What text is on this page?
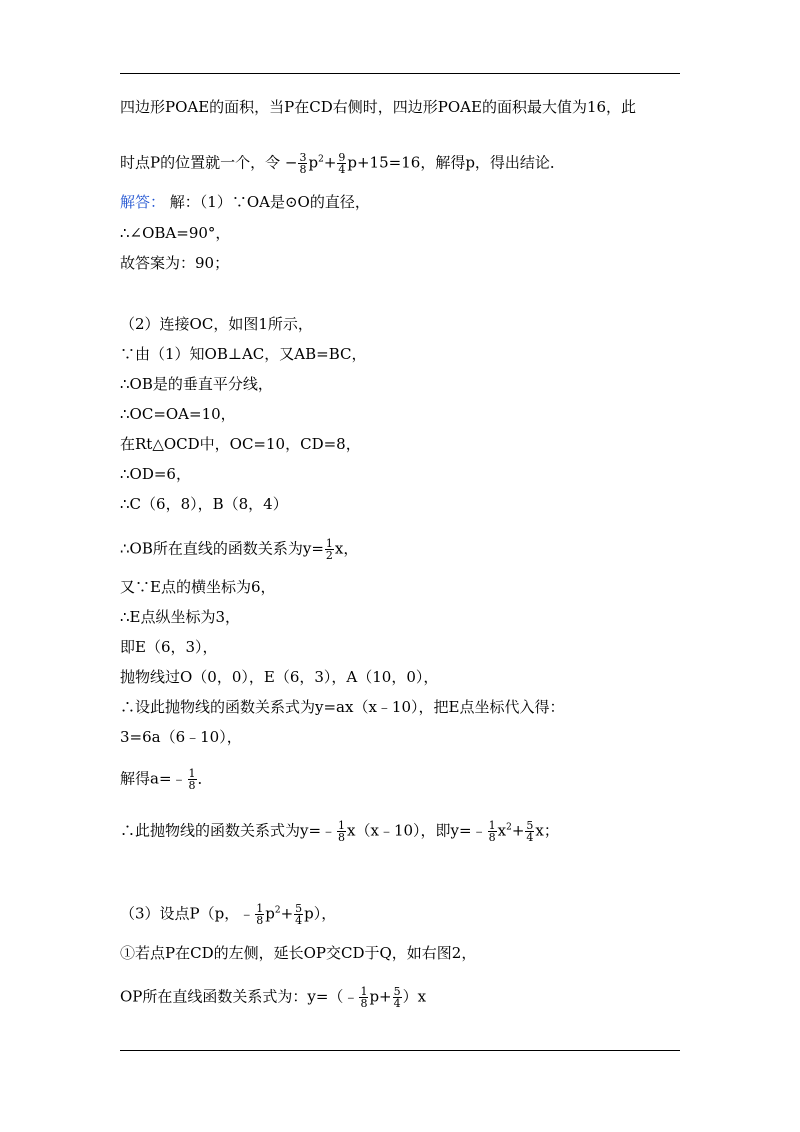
四边形POAE的面积，当P在CD右侧时，四边形POAE的面积最大值为16，此
时点P的位置就一个，令 − $\frac{3}{8} p^2+ \frac{9}{4} p+15=16$，解得p，得出结论．
解答： 解：（1）∵OA是⊙O的直径，
∴∠OBA=90°，
故答案为：90；
（2）连接OC，如图1所示，
∵由（1）知OB⊥AC，又AB=BC，
∴OB是的垂直平分线，
∴OC=OA=10，
在Rt△OCD中，OC=10，CD=8，
∴OD=6，
∴C（6，8），B（8，4）
∴OB所在直线的函数关系为$y= \frac{1}{2}$ x，
又∵E点的横坐标为6，
∴E点纵坐标为3，
即E（6，3），
抛物线过O（0，0），E（6，3），A（10，0），
∴设此抛物线的函数关系式为y=ax（x﹣10），把E点坐标代入得：
3=6a（6﹣10），
解得a=﹣ $\frac{1}{8}$ ．
∴此抛物线的函数关系式为y=﹣ $\frac{1}{8}$ x（x﹣10），即y=﹣ $\frac{1}{8} x^2+ \frac{5}{4}$ x；
（3）设点P（p，﹣ $\frac{1}{8} p^2+ \frac{5}{4} p$），
①若点P在CD的左侧，延长OP交CD于Q，如右图2，
OP所在直线函数关系式为：y=（﹣ $\frac{1}{8} p+ \frac{5}{4} )x$
